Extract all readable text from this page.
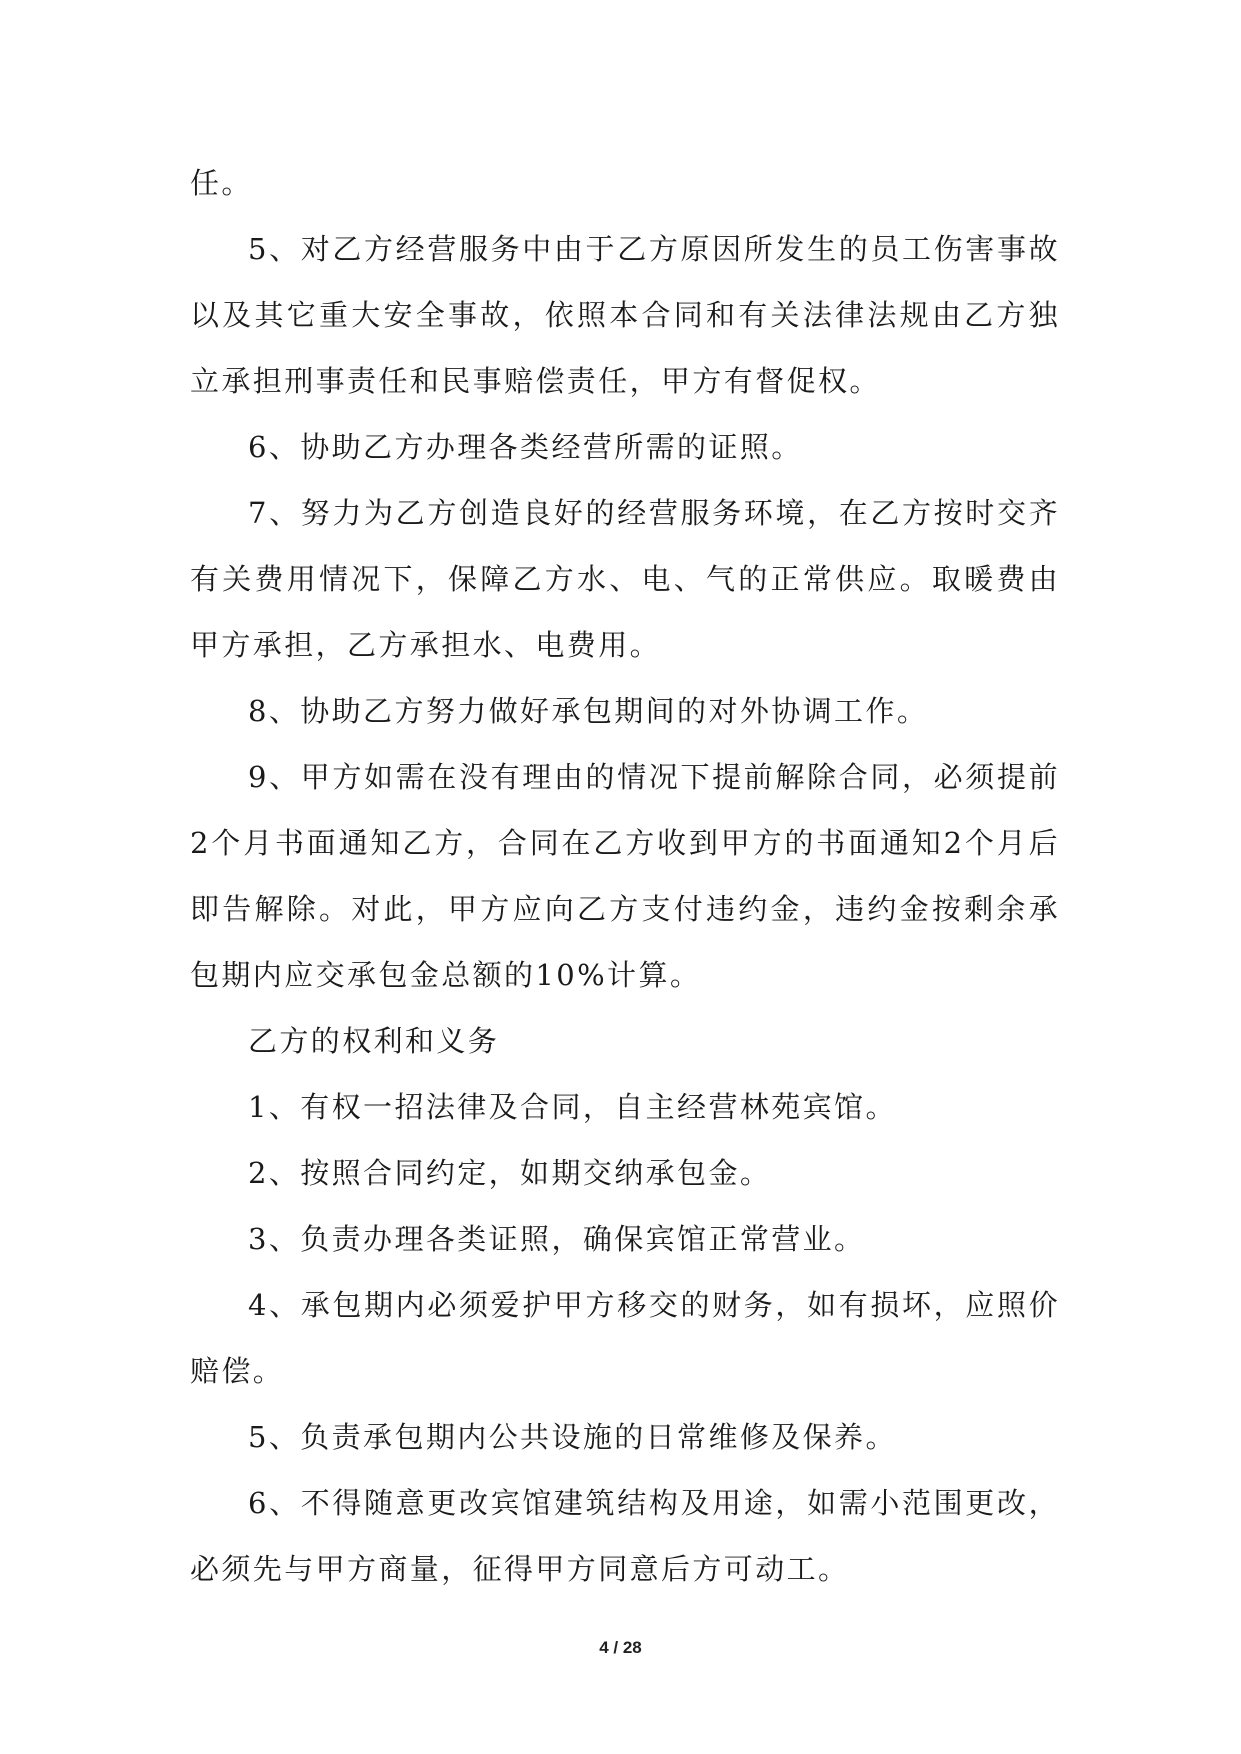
任。

5、对乙方经营服务中由于乙方原因所发生的员工伤害事故以及其它重大安全事故，依照本合同和有关法律法规由乙方独立承担刑事责任和民事赔偿责任，甲方有督促权。

6、协助乙方办理各类经营所需的证照。

7、努力为乙方创造良好的经营服务环境，在乙方按时交齐有关费用情况下，保障乙方水、电、气的正常供应。取暖费由甲方承担，乙方承担水、电费用。

8、协助乙方努力做好承包期间的对外协调工作。

9、甲方如需在没有理由的情况下提前解除合同，必须提前2个月书面通知乙方，合同在乙方收到甲方的书面通知2个月后即告解除。对此，甲方应向乙方支付违约金，违约金按剩余承包期内应交承包金总额的10%计算。

乙方的权利和义务

1、有权一招法律及合同，自主经营林苑宾馆。

2、按照合同约定，如期交纳承包金。

3、负责办理各类证照，确保宾馆正常营业。

4、承包期内必须爱护甲方移交的财务，如有损坏，应照价赔偿。

5、负责承包期内公共设施的日常维修及保养。

6、不得随意更改宾馆建筑结构及用途，如需小范围更改，必须先与甲方商量，征得甲方同意后方可动工。

4 / 28
